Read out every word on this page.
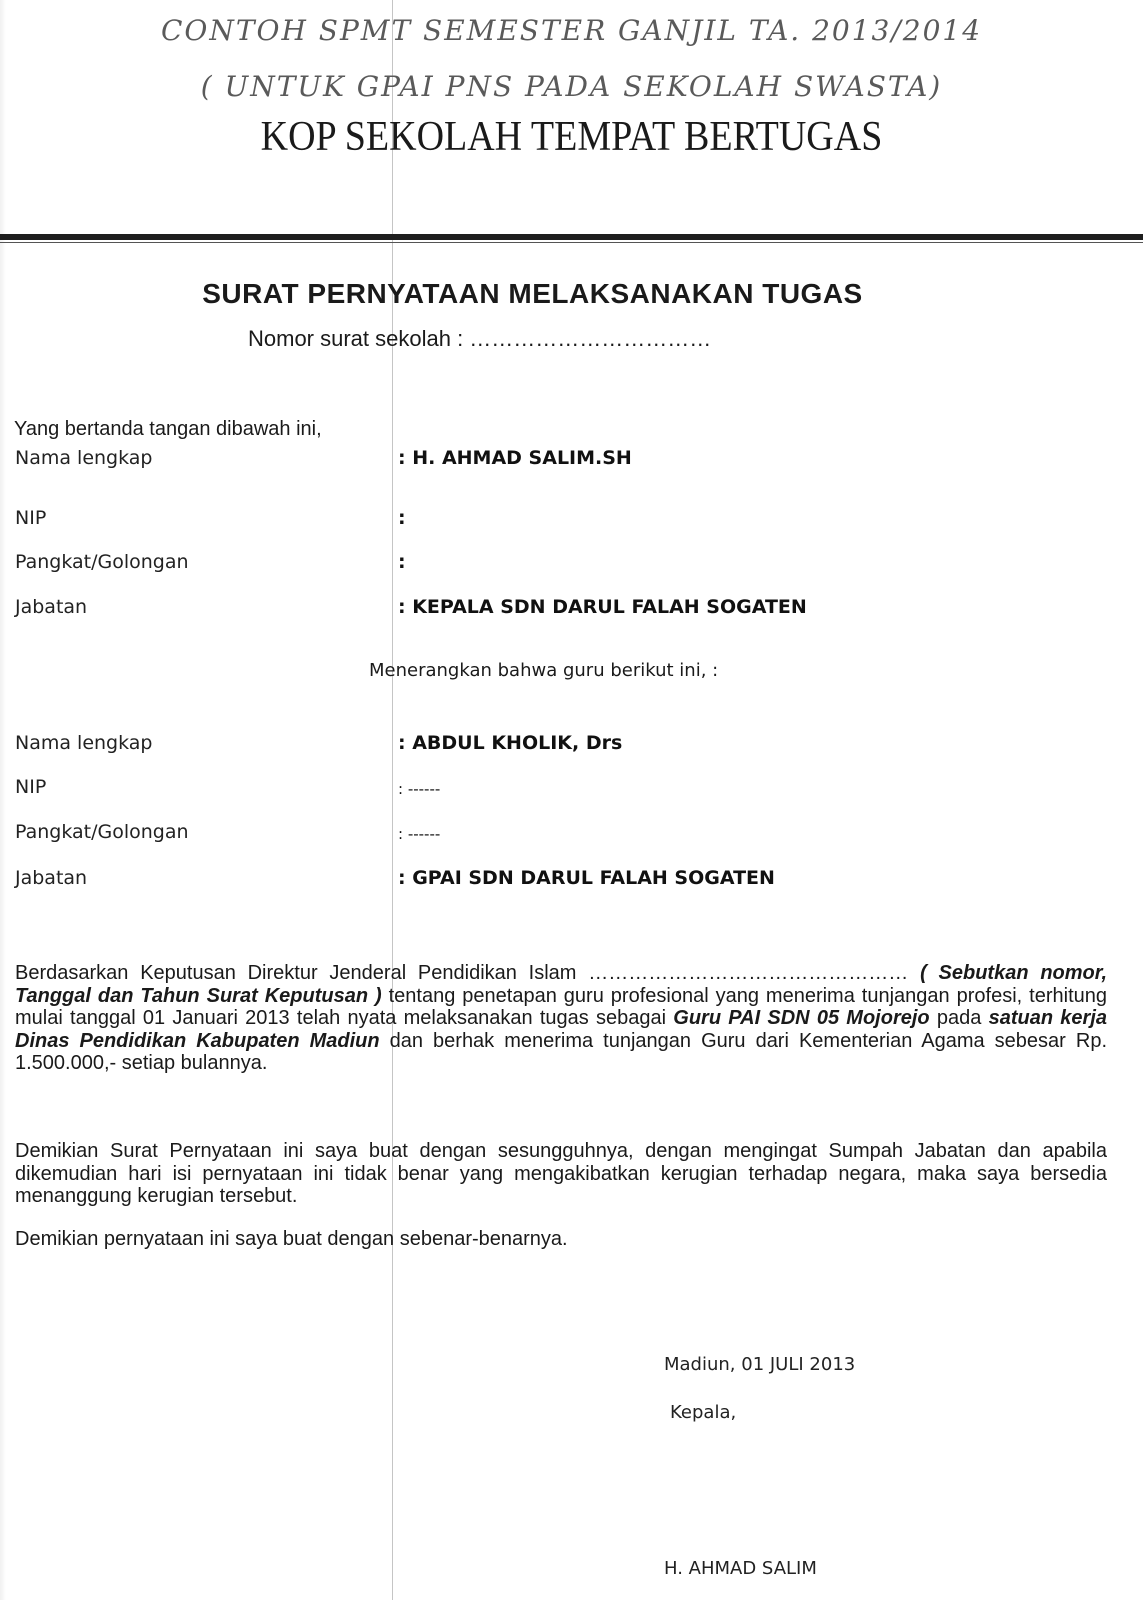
CONTOH SPMT SEMESTER GANJIL TA. 2013/2014
( UNTUK GPAI PNS PADA SEKOLAH SWASTA)
KOP SEKOLAH TEMPAT BERTUGAS
SURAT PERNYATAAN MELAKSANAKAN TUGAS
Nomor surat sekolah : ……………………………
Yang bertanda tangan dibawah ini,
Nama lengkap	: H. AHMAD SALIM.SH
NIP	:
Pangkat/Golongan	:
Jabatan	: KEPALA SDN DARUL FALAH SOGATEN
Menerangkan bahwa guru berikut ini, :
Nama lengkap	: ABDUL KHOLIK, Drs
NIP	: ------
Pangkat/Golongan	: ------
Jabatan	: GPAI SDN DARUL FALAH SOGATEN
Berdasarkan Keputusan Direktur Jenderal Pendidikan Islam ………………………………………… ( Sebutkan nomor, Tanggal dan Tahun Surat Keputusan ) tentang penetapan guru profesional yang menerima tunjangan profesi, terhitung mulai tanggal 01 Januari 2013 telah nyata melaksanakan tugas sebagai Guru PAI SDN 05 Mojorejo pada satuan kerja Dinas Pendidikan Kabupaten Madiun dan berhak menerima tunjangan Guru dari Kementerian Agama sebesar Rp. 1.500.000,- setiap bulannya.
Demikian Surat Pernyataan ini saya buat dengan sesungguhnya, dengan mengingat Sumpah Jabatan dan apabila dikemudian hari isi pernyataan ini tidak benar yang mengakibatkan kerugian terhadap negara, maka saya bersedia menanggung kerugian tersebut.
Demikian pernyataan ini saya buat dengan sebenar-benarnya.
Madiun, 01 JULI 2013
Kepala,
H. AHMAD SALIM
